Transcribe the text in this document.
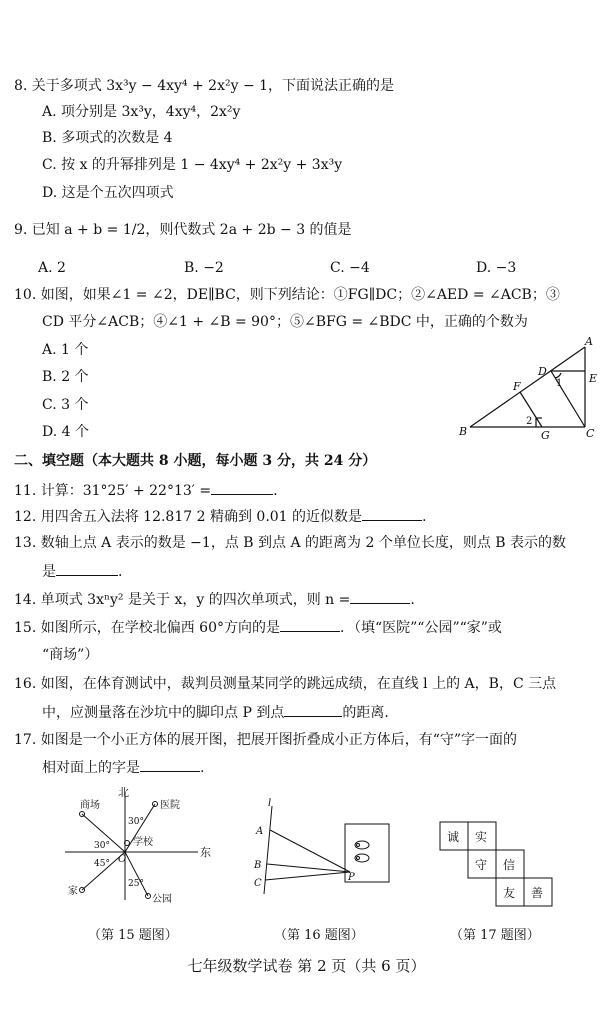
8. 关于多项式 3x³y − 4xy⁴ + 2x²y − 1，下面说法正确的是
A. 项分别是 3x³y，4xy⁴，2x²y
B. 多项式的次数是 4
C. 按 x 的升幂排列是 1 − 4xy⁴ + 2x²y + 3x³y
D. 这是个五次四项式
9. 已知 a + b = 1/2，则代数式 2a + 2b − 3 的值是
A. 2	B. −2	C. −4	D. −3
10. 如图，如果∠1 = ∠2，DE∥BC，则下列结论：①FG∥DC；②∠AED = ∠ACB；③
CD 平分∠ACB；④∠1 + ∠B = 90°；⑤∠BFG = ∠BDC 中，正确的个数为
A. 1 个
B. 2 个
C. 3 个
D. 4 个
A
B	C
D
E
F
G
1
2
二、填空题（本大题共 8 小题，每小题 3 分，共 24 分）
11. 计算：31°25′ + 22°13′ =	.
12. 用四舍五入法将 12.817 2 精确到 0.01 的近似数是	.
13. 数轴上点 A 表示的数是 −1，点 B 到点 A 的距离为 2 个单位长度，则点 B 表示的数
是	.
14. 单项式 3xⁿy² 是关于 x，y 的四次单项式，则 n =	.
15. 如图所示，在学校北偏西 60°方向的是	．（填“医院”“公园”“家”或
“商场”）
16. 如图，在体育测试中，裁判员测量某同学的跳远成绩，在直线 l 上的 A，B，C 三点
中，应测量落在沙坑中的脚印点 P 到点	的距离.
17. 如图是一个小正方体的展开图，把展开图折叠成小正方体后，有“守”字一面的
相对面上的字是	.
北
东
学校
O
医院
商场
家
公园
30°
30°
45°
25°
l
A
B
C
P
诚 实
守 信
友 善
（第 15 题图）	（第 16 题图）	（第 17 题图）
七年级数学试卷 第 2 页（共 6 页）
